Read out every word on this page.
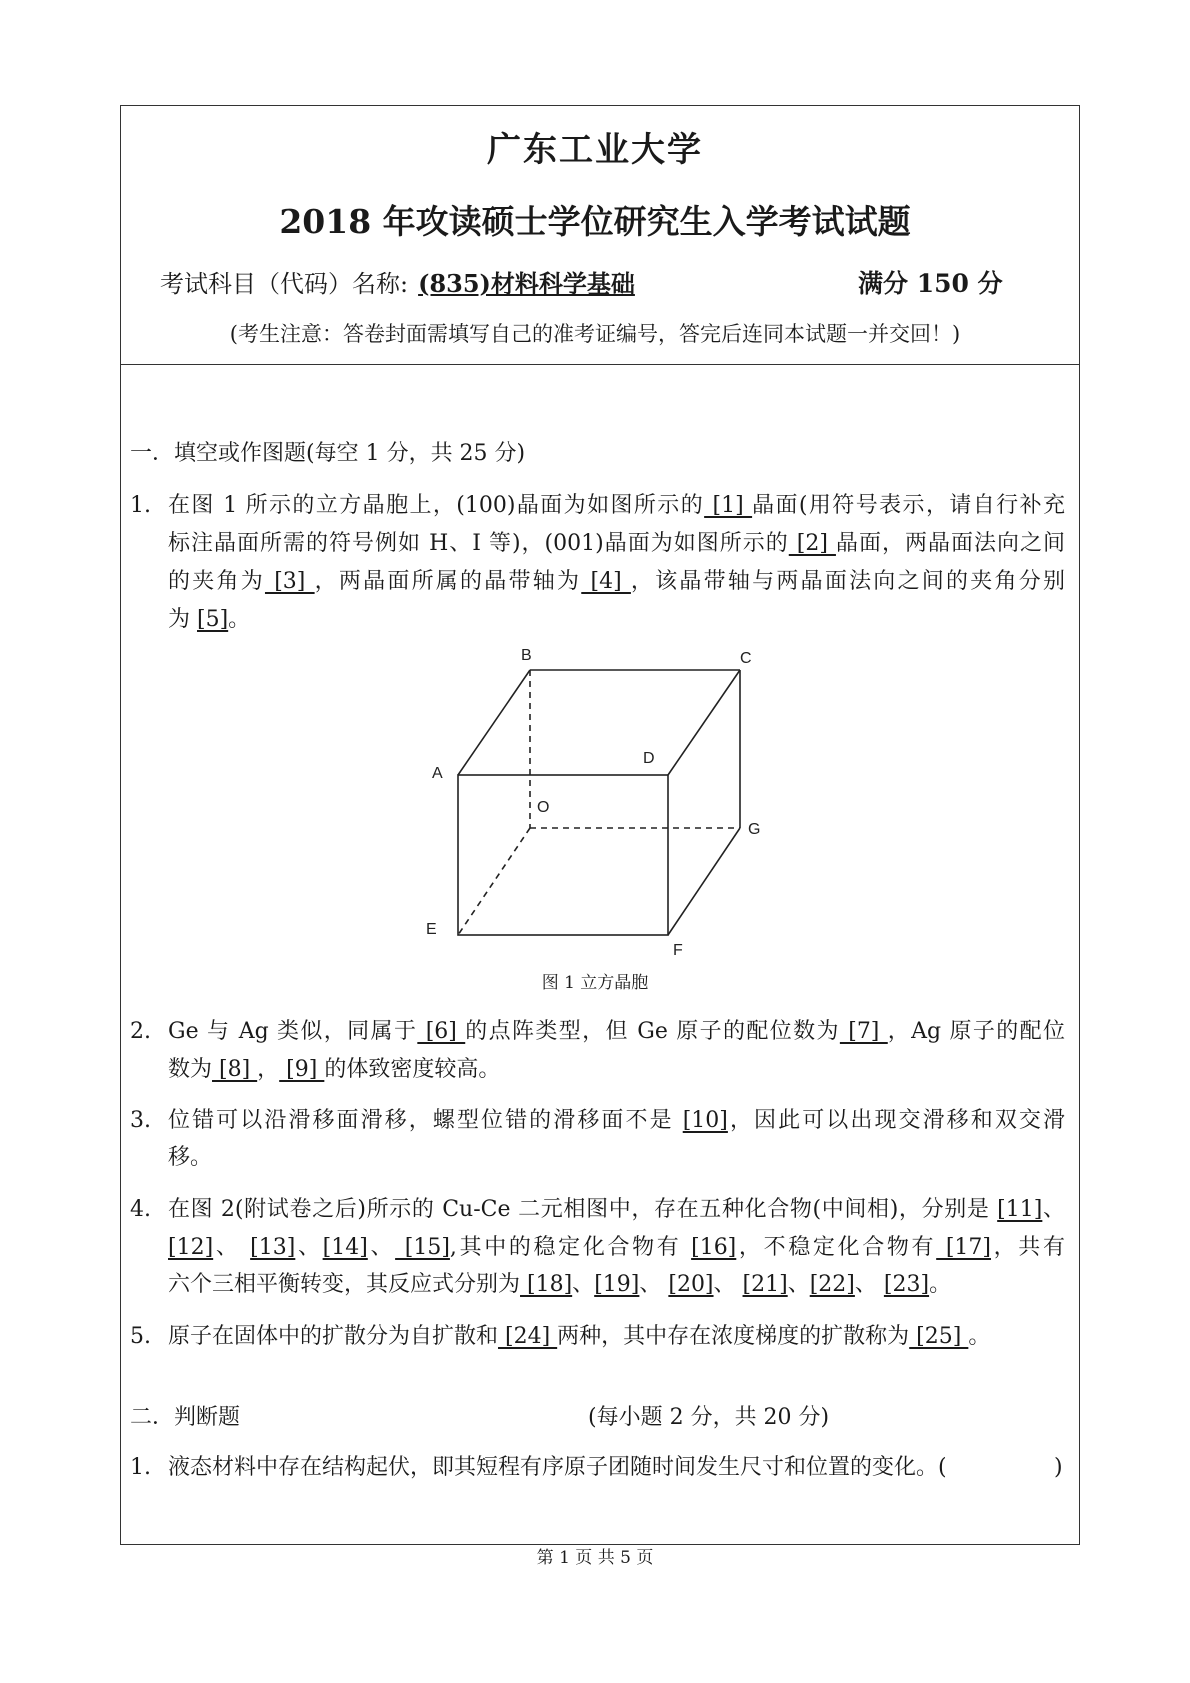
广东工业大学
2018 年攻读硕士学位研究生入学考试试题
考试科目（代码）名称: (835)材料科学基础	满分 150 分
(考生注意：答卷封面需填写自己的准考证编号，答完后连同本试题一并交回！)
一．填空或作图题(每空 1 分，共 25 分)
1. 在图 1 所示的立方晶胞上，(100)晶面为如图所示的 [1] 晶面(用符号表示，请自行补充
标注晶面所需的符号例如 H、I 等)，(001)晶面为如图所示的 [2] 晶面，两晶面法向之间
的夹角为 [3] ，两晶面所属的晶带轴为 [4] ，该晶带轴与两晶面法向之间的夹角分别
为 [5]。
2. Ge 与 Ag 类似，同属于 [6] 的点阵类型，但 Ge 原子的配位数为 [7] ，Ag 原子的配位
数为 [8] ， [9] 的体致密度较高。
3. 位错可以沿滑移面滑移，螺型位错的滑移面不是 [10]，因此可以出现交滑移和双交滑
移。
4. 在图 2(附试卷之后)所示的 Cu-Ce 二元相图中，存在五种化合物(中间相)，分别是 [11]、
[12]、 [13]、[14]、 [15],其中的稳定化合物有 [16]，不稳定化合物有 [17]，共有
六个三相平衡转变，其反应式分别为 [18]、[19]、 [20]、 [21]、[22]、 [23]。
5. 原子在固体中的扩散分为自扩散和 [24] 两种，其中存在浓度梯度的扩散称为 [25] 。
B	C
A
D
O
G
E
F
图 1 立方晶胞
二．判断题	(每小题 2 分，共 20 分)
1. 液态材料中存在结构起伏，即其短程有序原子团随时间发生尺寸和位置的变化。(	)
第 1 页 共 5 页
